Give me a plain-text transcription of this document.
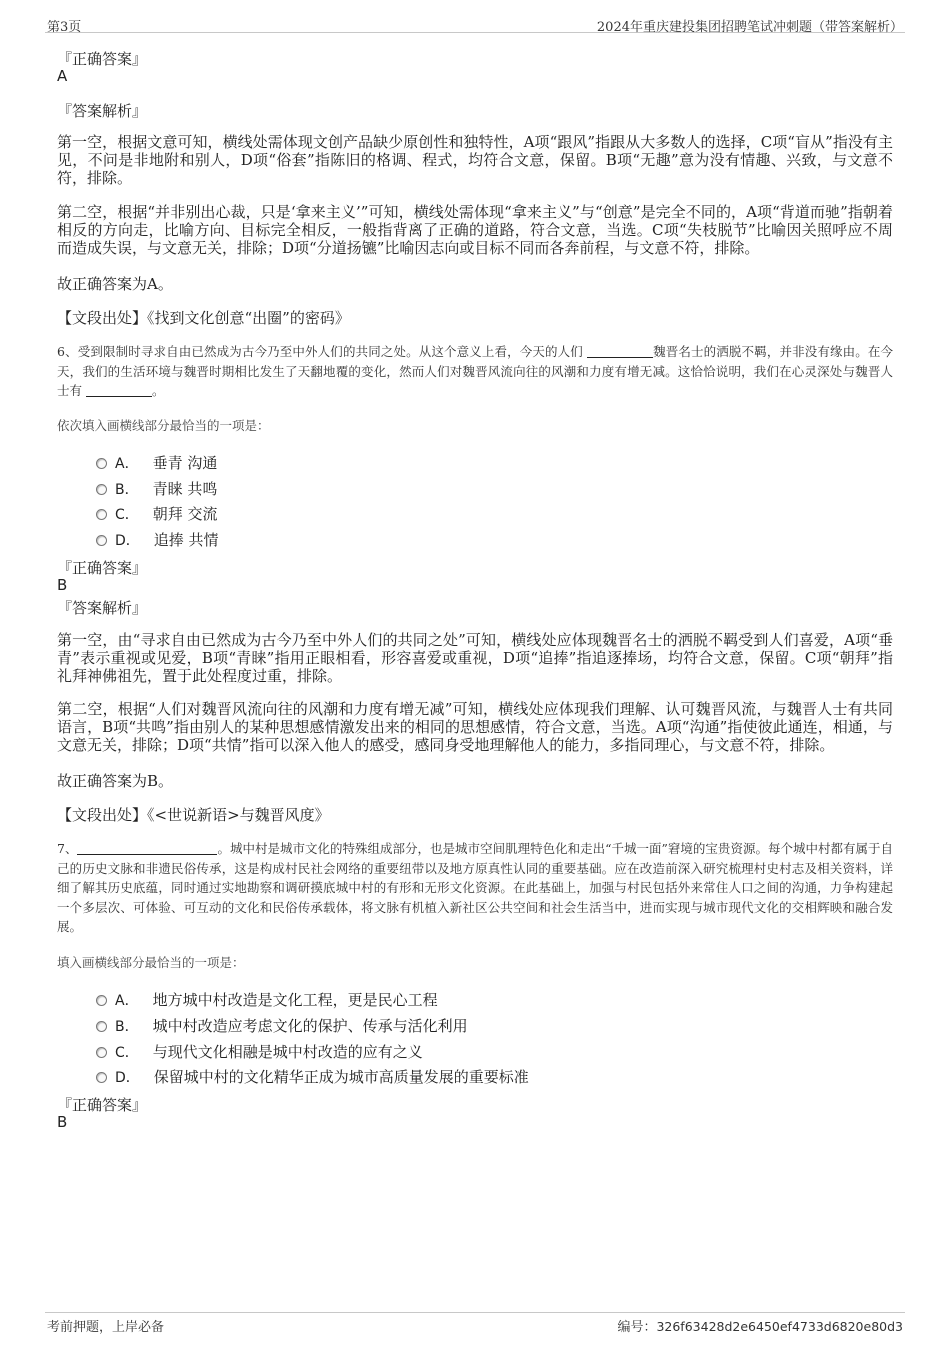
第3页	2024年重庆建投集团招聘笔试冲刺题（带答案解析）
『正确答案』
A
『答案解析』
第一空，根据文意可知，横线处需体现文创产品缺少原创性和独特性，A项“跟风”指跟从大多数人的选择，C项“盲从”指没有主见，不问是非地附和别人，D项“俗套”指陈旧的格调、程式，均符合文意，保留。B项“无趣”意为没有情趣、兴致，与文意不符，排除。
第二空，根据“并非别出心裁，只是‘拿来主义’”可知，横线处需体现“拿来主义”与“创意”是完全不同的，A项“背道而驰”指朝着相反的方向走，比喻方向、目标完全相反，一般指背离了正确的道路，符合文意，当选。C项“失枝脱节”比喻因关照呼应不周而造成失误，与文意无关，排除；D项“分道扬镳”比喻因志向或目标不同而各奔前程，与文意不符，排除。
故正确答案为A。
【文段出处】《找到文化创意“出圈”的密码》
6、受到限制时寻求自由已然成为古今乃至中外人们的共同之处。从这个意义上看，今天的人们	魏晋名士的洒脱不羁，并非没有缘由。在今天，我们的生活环境与魏晋时期相比发生了天翻地覆的变化，然而人们对魏晋风流向往的风潮和力度有增无减。这恰恰说明，我们在心灵深处与魏晋人士有	。
依次填入画横线部分最恰当的一项是：
A． 垂青 沟通
B． 青睐 共鸣
C． 朝拜 交流
D． 追捧 共情
『正确答案』
B
『答案解析』
第一空，由“寻求自由已然成为古今乃至中外人们的共同之处”可知，横线处应体现魏晋名士的洒脱不羁受到人们喜爱，A项“垂青”表示重视或见爱，B项“青睐”指用正眼相看，形容喜爱或重视，D项“追捧”指追逐捧场，均符合文意，保留。C项“朝拜”指礼拜神佛祖先，置于此处程度过重，排除。
第二空，根据“人们对魏晋风流向往的风潮和力度有增无减”可知，横线处应体现我们理解、认可魏晋风流，与魏晋人士有共同语言，B项“共鸣”指由别人的某种思想感情激发出来的相同的思想感情，符合文意，当选。A项“沟通”指使彼此通连，相通，与文意无关，排除；D项“共情”指可以深入他人的感受，感同身受地理解他人的能力，多指同理心，与文意不符，排除。
故正确答案为B。
【文段出处】《<世说新语>与魏晋风度》
7、	。城中村是城市文化的特殊组成部分，也是城市空间肌理特色化和走出“千城一面”窘境的宝贵资源。每个城中村都有属于自己的历史文脉和非遗民俗传承，这是构成村民社会网络的重要纽带以及地方原真性认同的重要基础。应在改造前深入研究梳理村史村志及相关资料，详细了解其历史底蕴，同时通过实地勘察和调研摸底城中村的有形和无形文化资源。在此基础上，加强与村民包括外来常住人口之间的沟通，力争构建起一个多层次、可体验、可互动的文化和民俗传承载体，将文脉有机植入新社区公共空间和社会生活当中，进而实现与城市现代文化的交相辉映和融合发展。
填入画横线部分最恰当的一项是：
A． 地方城中村改造是文化工程，更是民心工程
B． 城中村改造应考虑文化的保护、传承与活化利用
C． 与现代文化相融是城中村改造的应有之义
D． 保留城中村的文化精华正成为城市高质量发展的重要标准
『正确答案』
B
考前押题，上岸必备	编号：326f63428d2e6450ef4733d6820e80d3
